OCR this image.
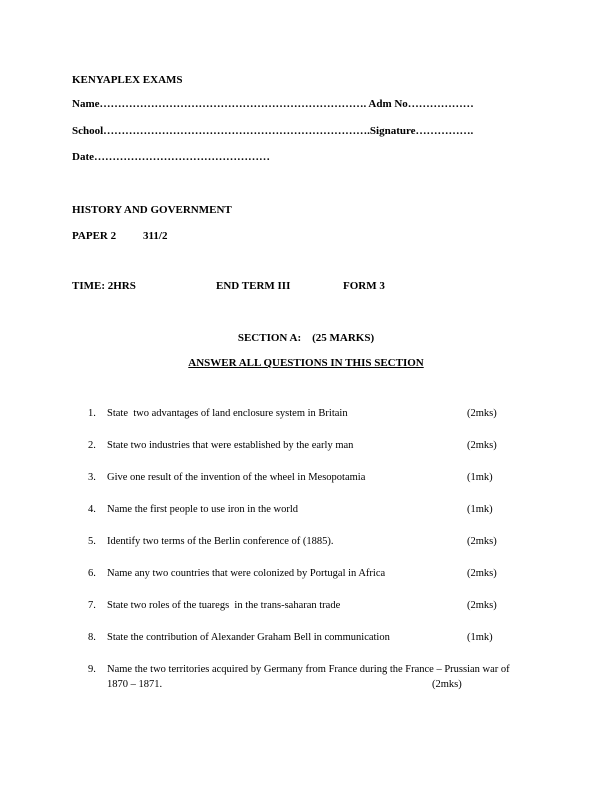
KENYAPLEX EXAMS
Name………………………………………………………………. Adm No………………
School……………………………………………………………….Signature…………….
Date…………………………………………
HISTORY AND GOVERNMENT
PAPER 2 311/2
TIME: 2HRS	END TERM III	FORM 3
SECTION A:    (25 MARKS)
ANSWER ALL QUESTIONS IN THIS SECTION
1. State  two advantages of land enclosure system in Britain	(2mks)
2. State two industries that were established by the early man	(2mks)
3. Give one result of the invention of the wheel in Mesopotamia	(1mk)
4. Name the first people to use iron in the world	(1mk)
5. Identify two terms of the Berlin conference of (1885).	(2mks)
6. Name any two countries that were colonized by Portugal in Africa	(2mks)
7. State two roles of the tuaregs  in the trans-saharan trade	(2mks)
8. State the contribution of Alexander Graham Bell in communication	(1mk)
9. Name the two territories acquired by Germany from France during the France – Prussian war of
1870 – 1871.	(2mks)
